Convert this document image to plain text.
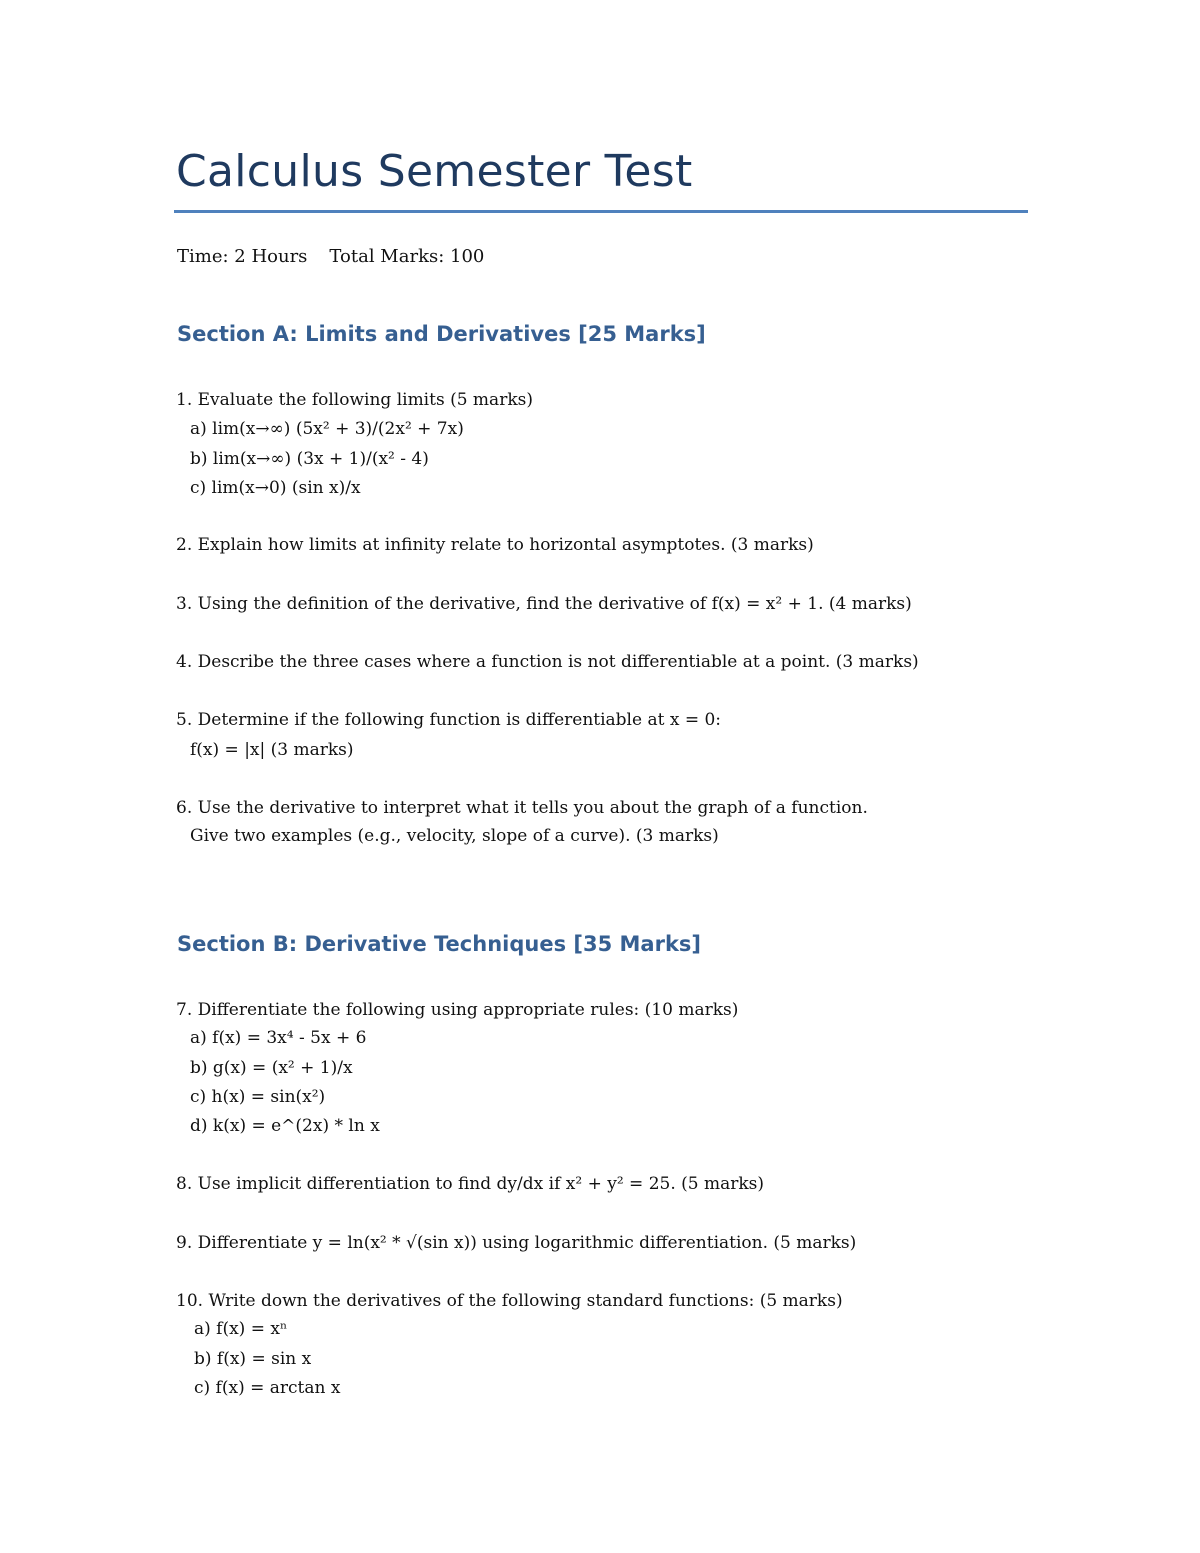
Calculus Semester Test
Time: 2 Hours Total Marks: 100
Section A: Limits and Derivatives [25 Marks]
1. Evaluate the following limits (5 marks)
a) lim(x→∞) (5x² + 3)/(2x² + 7x)
b) lim(x→∞) (3x + 1)/(x² - 4)
c) lim(x→0) (sin x)/x
2. Explain how limits at infinity relate to horizontal asymptotes. (3 marks)
3. Using the definition of the derivative, find the derivative of f(x) = x² + 1. (4 marks)
4. Describe the three cases where a function is not differentiable at a point. (3 marks)
5. Determine if the following function is differentiable at x = 0:
f(x) = |x| (3 marks)
6. Use the derivative to interpret what it tells you about the graph of a function.
Give two examples (e.g., velocity, slope of a curve). (3 marks)
Section B: Derivative Techniques [35 Marks]
7. Differentiate the following using appropriate rules: (10 marks)
a) f(x) = 3x⁴ - 5x + 6
b) g(x) = (x² + 1)/x
c) h(x) = sin(x²)
d) k(x) = e^(2x) * ln x
8. Use implicit differentiation to find dy/dx if x² + y² = 25. (5 marks)
9. Differentiate y = ln(x² * √(sin x)) using logarithmic differentiation. (5 marks)
10. Write down the derivatives of the following standard functions: (5 marks)
a) f(x) = xⁿ
b) f(x) = sin x
c) f(x) = arctan x
